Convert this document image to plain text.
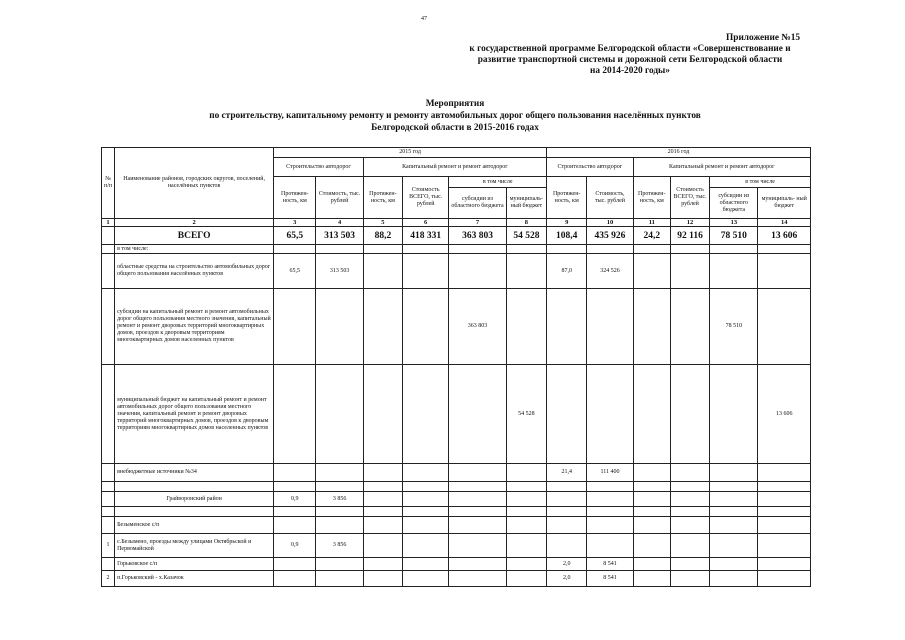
47
Приложение №15
к государственной программе Белгородской области «Совершенствование и
развитие транспортной системы и дорожной сети Белгородской области
на 2014-2020 годы»
Мероприятия
по строительству, капитальному ремонту и ремонту автомобильных дорог общего пользования населённых пунктов
Белгородской области в 2015-2016 годах
№ п/п	Наименование районов, городских округов, поселений, населённых пунктов	2015 год						2016 год					
		Строительство автодорог		Капитальный ремонт и ремонт автодорог				Строительство автодорог		Капитальный ремонт и ремонт автодорог			
		Протяжен- ность, км	Стоимость, тыс. рублей	Протяжен- ность, км	Стоимость ВСЕГО, тыс. рублей	в том числе		Протяжен- ность, км	Стоимость, тыс. рублей	Протяжен- ность, км	Стоимость ВСЕГО, тыс. рублей	в том числе	
						субсидии из областного бюджета	муниципаль- ный бюджет					субсидии из областного бюджета	муниципаль- ный бюджет
1	2	3	4	5	6	7	8	9	10	11	12	13	14
	ВСЕГО	65,5	313 503	88,2	418 331	363 803	54 528	108,4	435 926	24,2	92 116	78 510	13 606
	в том числе:												
	областные средства на строительство автомобильных дорог общего пользования населённых пунктов	65,5	313 503					87,0	324 526				
	субсидии на капитальный ремонт и ремонт автомобильных дорог общего пользования местного значения, капитальный ремонт и ремонт дворовых территорий многоквартирных домов, проездов к дворовым территориям многоквартирных домов населенных пунктов					363 803						78 510	
	муниципальный бюджет на капитальный ремонт и ремонт автомобильных дорог общего пользования местного значения, капитальный ремонт и ремонт дворовых территорий многоквартирных домов, проездов к дворовым территориям многоквартирных домов населенных пунктов						54 528						13 606
	внебюджетные источники №34							21,4	111 400				

	Грайворонский район	0,9	3 856										

	Безыменское с/п												
1	с.Безымено, проезды между улицами Октябрьской и Первомайской	0,9	3 856										
	Горьковское с/п							2,0	8 541				
2	п.Горьковский - х.Казачок							2,0	8 541				
